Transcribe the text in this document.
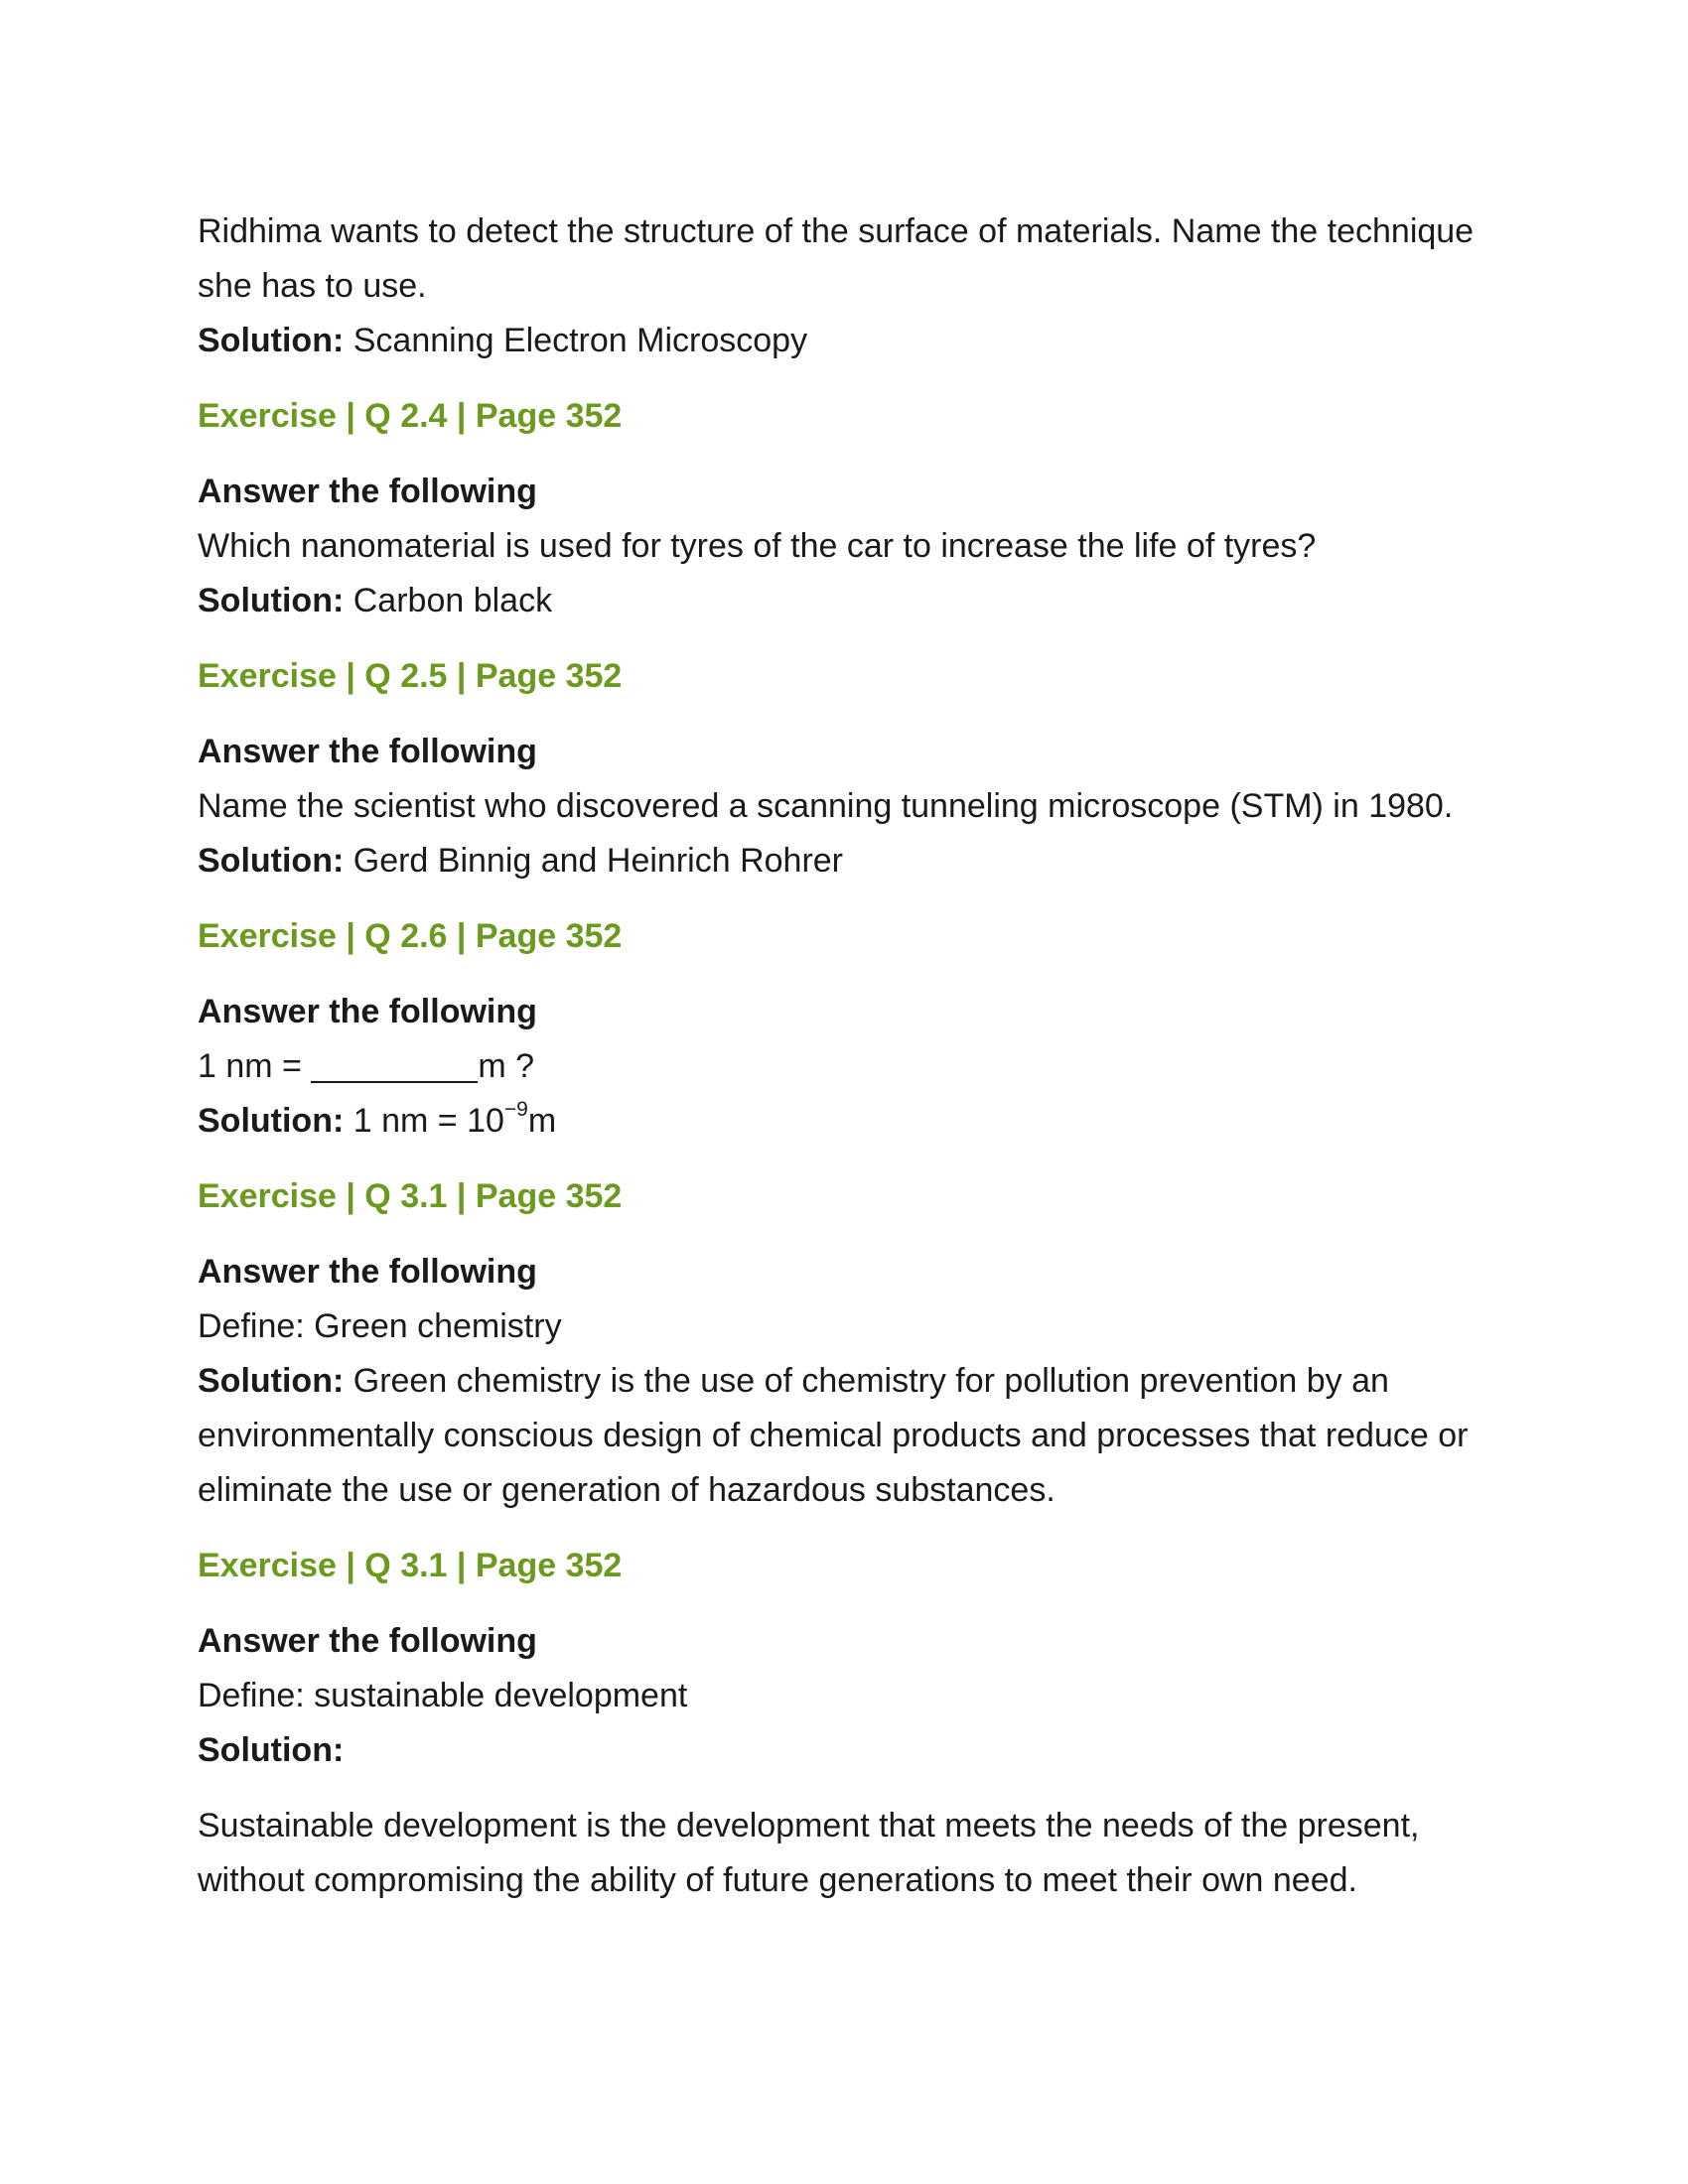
Ridhima wants to detect the structure of the surface of materials. Name the technique she has to use.

Solution: Scanning Electron Microscopy

Exercise | Q 2.4 | Page 352

Answer the following

Which nanomaterial is used for tyres of the car to increase the life of tyres?

Solution: Carbon black

Exercise | Q 2.5 | Page 352

Answer the following

Name the scientist who discovered a scanning tunneling microscope (STM) in 1980.

Solution: Gerd Binnig and Heinrich Rohrer

Exercise | Q 2.6 | Page 352

Answer the following

1 nm =	m ?

Solution: 1 nm = $10^{-9}m$

Exercise | Q 3.1 | Page 352

Answer the following

Define: Green chemistry

Solution: Green chemistry is the use of chemistry for pollution prevention by an environmentally conscious design of chemical products and processes that reduce or eliminate the use or generation of hazardous substances.

Exercise | Q 3.1 | Page 352

Answer the following

Define: sustainable development

Solution:

Sustainable development is the development that meets the needs of the present, without compromising the ability of future generations to meet their own need.
